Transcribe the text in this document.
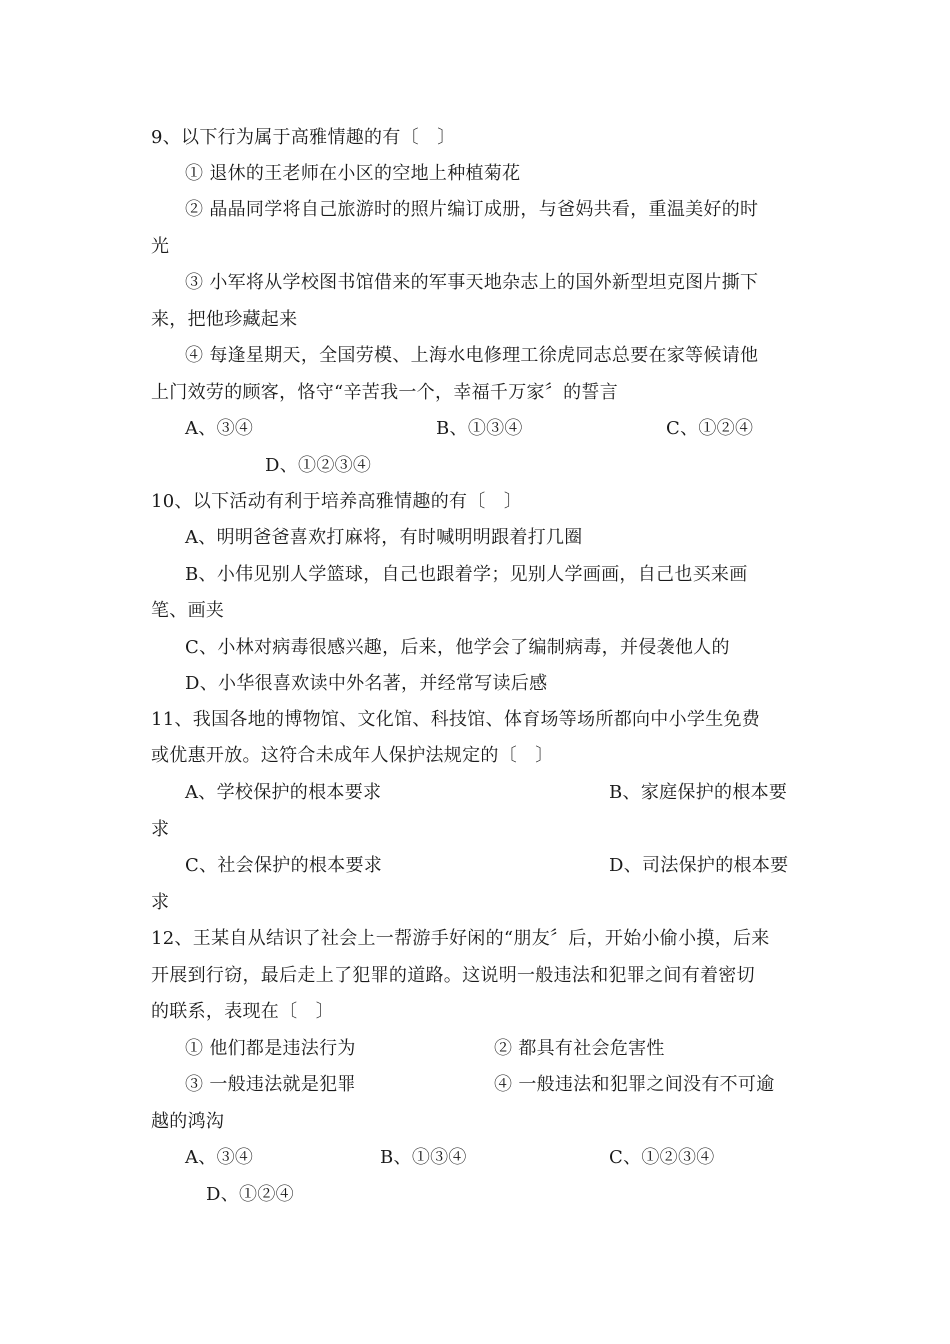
9、以下行为属于高雅情趣的有〔　〕
① 退休的王老师在小区的空地上种植菊花
② 晶晶同学将自己旅游时的照片编订成册，与爸妈共看，重温美好的时
光
③ 小军将从学校图书馆借来的军事天地杂志上的国外新型坦克图片撕下
来，把他珍藏起来
④ 每逢星期天，全国劳模、上海水电修理工徐虎同志总要在家等候请他
上门效劳的顾客，恪守“辛苦我一个，幸福千万家〞的誓言
A、③④	B、①③④	C、①②④
D、①②③④
10、以下活动有利于培养高雅情趣的有〔　〕
A、明明爸爸喜欢打麻将，有时喊明明跟着打几圈
B、小伟见别人学篮球，自己也跟着学；见别人学画画，自己也买来画
笔、画夹
C、小林对病毒很感兴趣，后来，他学会了编制病毒，并侵袭他人的
D、小华很喜欢读中外名著，并经常写读后感
11、我国各地的博物馆、文化馆、科技馆、体育场等场所都向中小学生免费
或优惠开放。这符合未成年人保护法规定的〔　〕
A、学校保护的根本要求	B、家庭保护的根本要
求
C、社会保护的根本要求	D、司法保护的根本要
求
12、王某自从结识了社会上一帮游手好闲的“朋友〞后，开始小偷小摸，后来
开展到行窃，最后走上了犯罪的道路。这说明一般违法和犯罪之间有着密切
的联系，表现在〔　〕
① 他们都是违法行为	② 都具有社会危害性
③ 一般违法就是犯罪	④ 一般违法和犯罪之间没有不可逾
越的鸿沟
A、③④	B、①③④	C、①②③④
D、①②④
